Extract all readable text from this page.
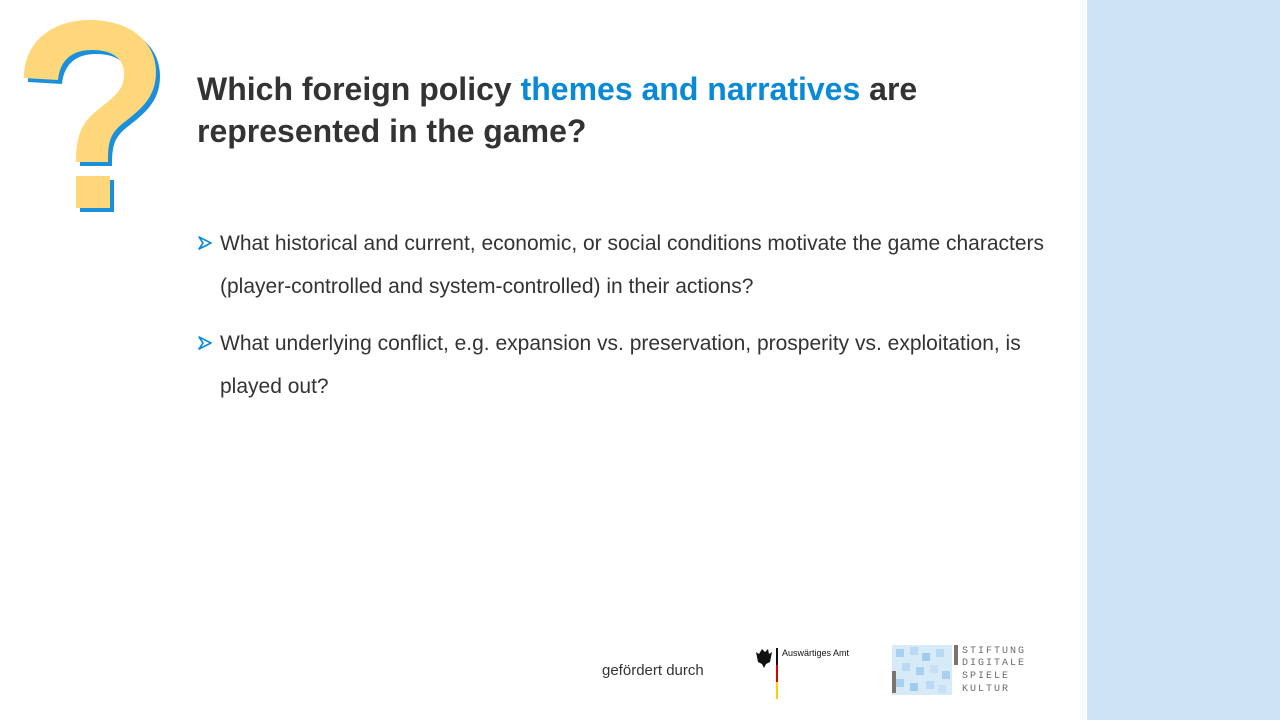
Which foreign policy themes and narratives are represented in the game?
What historical and current, economic, or social conditions motivate the game characters (player-controlled and system-controlled) in their actions?
What underlying conflict, e.g. expansion vs. preservation, prosperity vs. exploitation, is played out?
gefördert durch
Auswärtiges Amt	STIFTUNG
DIGITALE
SPIELE
KULTUR
